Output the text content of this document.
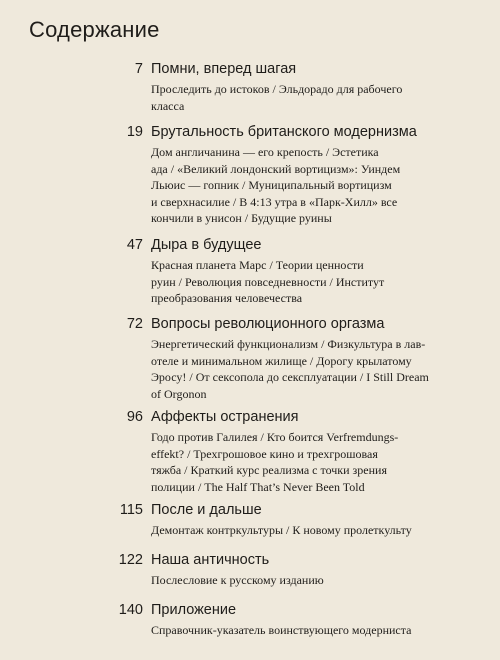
Содержание
7 Помни, вперед шагая
Проследить до истоков / Эльдорадо для рабочего
класса
19 Брутальность британского модернизма
Дом англичанина — его крепость / Эстетика
ада / «Великий лондонский вортицизм»: Уиндем
Льюис — гопник / Муниципальный вортицизм
и сверхнасилие / В 4:13 утра в «Парк-Хилл» все
кончили в унисон / Будущие руины
47 Дыра в будущее
Красная планета Марс / Теории ценности
руин / Революция повседневности / Институт
преобразования человечества
72 Вопросы революционного оргазма
Энергетический функционализм / Физкультура в лав-
отеле и минимальном жилище / Дорогу крылатому
Эросу! / От сексопола до сексплуатации / I Still Dream
of Orgonon
96 Аффекты остранения
Годо против Галилея / Кто боится Verfremdungs-
effekt? / Трехгрошовое кино и трехгрошовая
тяжба / Краткий курс реализма с точки зрения
полиции / The Half That’s Never Been Told
115 После и дальше
Демонтаж контркультуры / К новому пролеткульту
122 Наша античность
Послесловие к русскому изданию
140 Приложение
Справочник-указатель воинствующего модерниста
